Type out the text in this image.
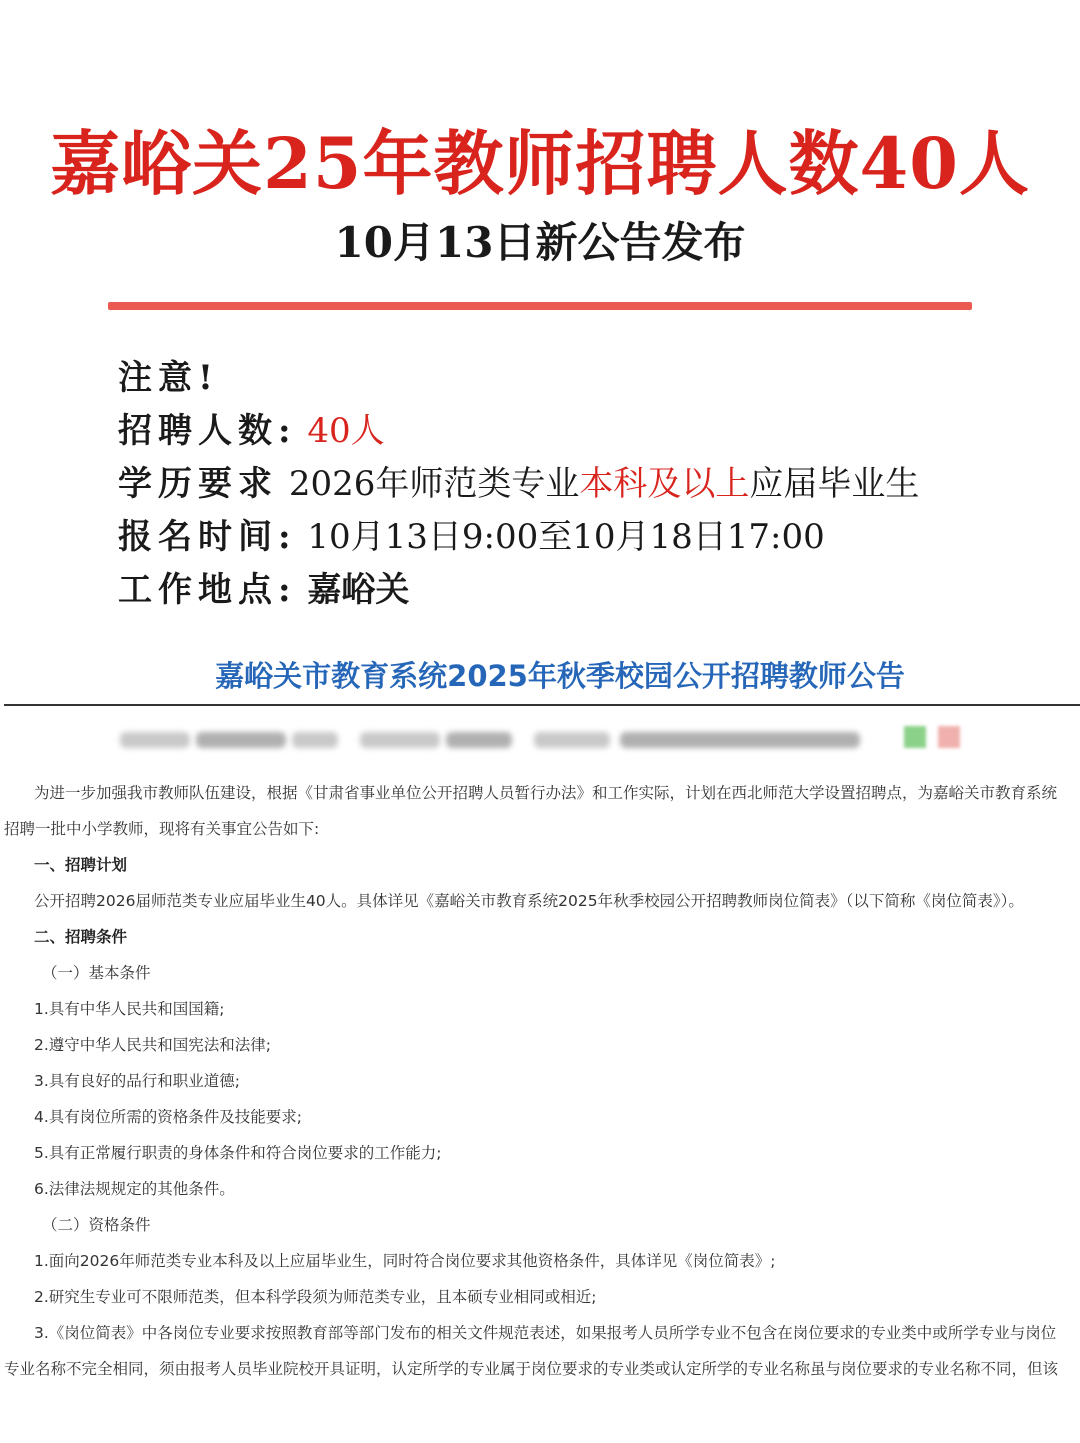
嘉峪关25年教师招聘人数40人
10月13日新公告发布
注意!
招聘人数: 40人
学历要求 2026年师范类专业本科及以上应届毕业生
报名时间: 10月13日9:00至10月18日17:00
工作地点: 嘉峪关
嘉峪关市教育系统2025年秋季校园公开招聘教师公告
为进一步加强我市教师队伍建设，根据《甘肃省事业单位公开招聘人员暂行办法》和工作实际，计划在西北师范大学设置招聘点，为嘉峪关市教育系统
招聘一批中小学教师，现将有关事宜公告如下:
一、招聘计划
公开招聘2026届师范类专业应届毕业生40人。具体详见《嘉峪关市教育系统2025年秋季校园公开招聘教师岗位简表》（以下简称《岗位简表》）。
二、招聘条件
（一）基本条件
1.具有中华人民共和国国籍;
2.遵守中华人民共和国宪法和法律;
3.具有良好的品行和职业道德;
4.具有岗位所需的资格条件及技能要求;
5.具有正常履行职责的身体条件和符合岗位要求的工作能力;
6.法律法规规定的其他条件。
（二）资格条件
1.面向2026年师范类专业本科及以上应届毕业生，同时符合岗位要求其他资格条件，具体详见《岗位简表》;
2.研究生专业可不限师范类，但本科学段须为师范类专业，且本硕专业相同或相近;
3.《岗位简表》中各岗位专业要求按照教育部等部门发布的相关文件规范表述，如果报考人员所学专业不包含在岗位要求的专业类中或所学专业与岗位
专业名称不完全相同，须由报考人员毕业院校开具证明，认定所学的专业属于岗位要求的专业类或认定所学的专业名称虽与岗位要求的专业名称不同，但该
